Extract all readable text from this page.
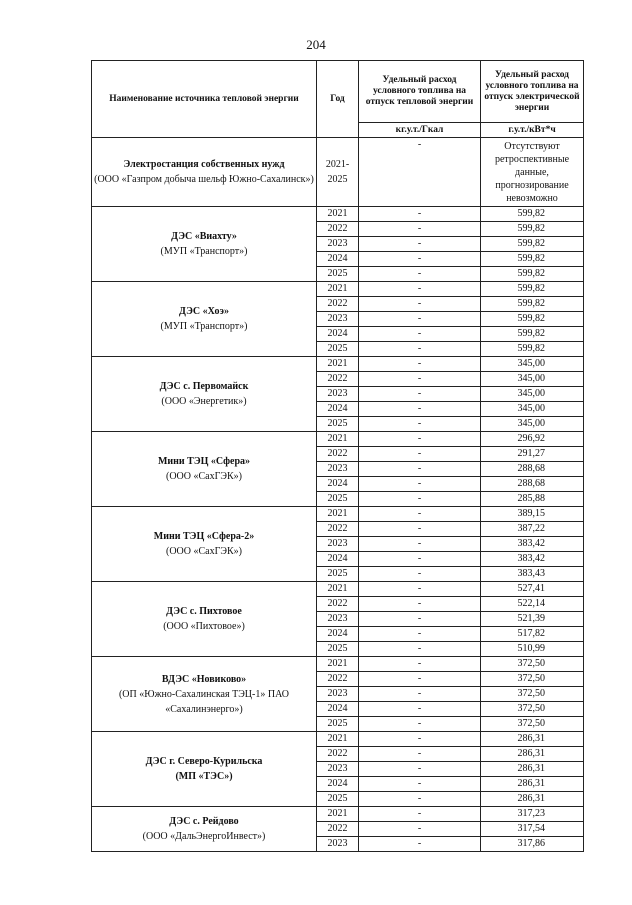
204
Наименование источника тепловой энергии	Год	Удельный расход условного топлива на отпуск тепловой энергии	Удельный расход условного топлива на отпуск электрической энергии
		кг.у.т./Гкал	г.у.т./кВт*ч
Электростанция собственных нужд
(ООО «Газпром добыча шельф Южно-Сахалинск»)	2021-2025	-	Отсутствуют ретроспективные данные, прогнозирование невозможно
ДЭС «Виахту»
(МУП «Транспорт»)	2021	-	599,82
	2022	-	599,82
	2023	-	599,82
	2024	-	599,82
	2025	-	599,82
ДЭС «Хоэ»
(МУП «Транспорт»)	2021	-	599,82
	2022	-	599,82
	2023	-	599,82
	2024	-	599,82
	2025	-	599,82
ДЭС с. Первомайск
(ООО «Энергетик»)	2021	-	345,00
	2022	-	345,00
	2023	-	345,00
	2024	-	345,00
	2025	-	345,00
Мини ТЭЦ «Сфера»
(ООО «СахГЭК»)	2021	-	296,92
	2022	-	291,27
	2023	-	288,68
	2024	-	288,68
	2025	-	285,88
Мини ТЭЦ «Сфера-2»
(ООО «СахГЭК»)	2021	-	389,15
	2022	-	387,22
	2023	-	383,42
	2024	-	383,42
	2025	-	383,43
ДЭС с. Пихтовое
(ООО «Пихтовое»)	2021	-	527,41
	2022	-	522,14
	2023	-	521,39
	2024	-	517,82
	2025	-	510,99
ВДЭС «Новиково»
(ОП «Южно-Сахалинская ТЭЦ-1» ПАО «Сахалинэнерго»)	2021	-	372,50
	2022	-	372,50
	2023	-	372,50
	2024	-	372,50
	2025	-	372,50
ДЭС г. Северо-Курильска
(МП «ТЭС»)	2021	-	286,31
	2022	-	286,31
	2023	-	286,31
	2024	-	286,31
	2025	-	286,31
ДЭС с. Рейдово
(ООО «ДальЭнергоИнвест»)	2021	-	317,23
	2022	-	317,54
	2023	-	317,86
